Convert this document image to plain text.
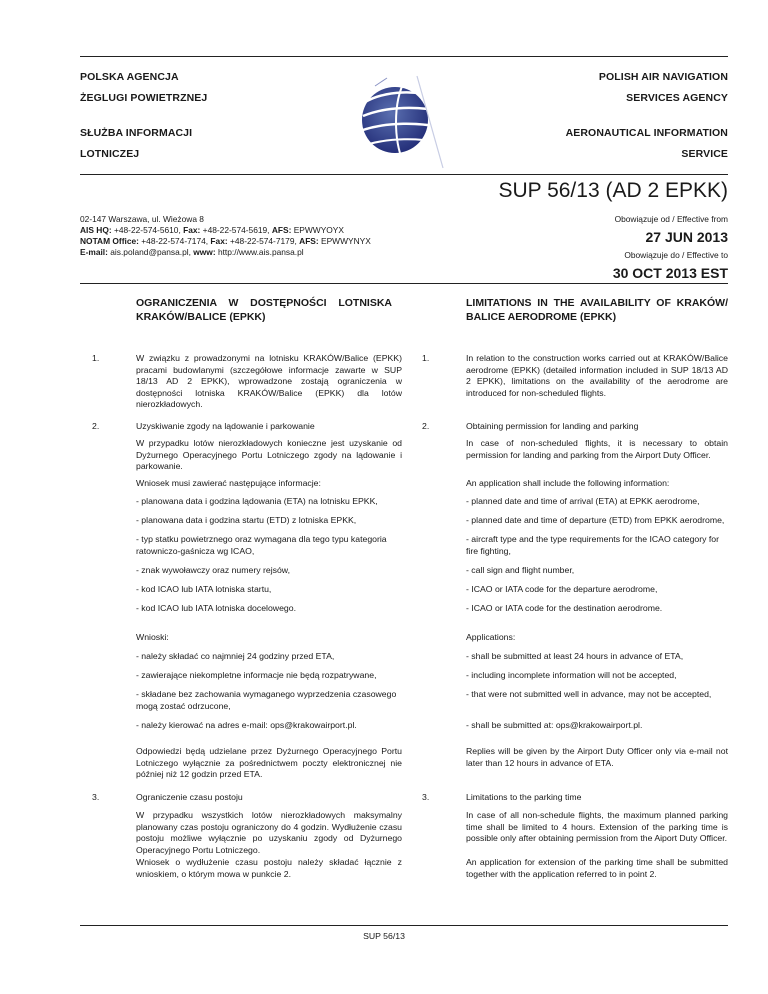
POLSKA AGENCJA
ŻEGLUGI POWIETRZNEJ
SŁUŻBA INFORMACJI
LOTNICZEJ
POLISH AIR NAVIGATION
SERVICES AGENCY
AERONAUTICAL INFORMATION
SERVICE
SUP 56/13 (AD 2 EPKK)
02-147 Warszawa, ul. Wieżowa 8
AIS HQ: +48-22-574-5610, Fax: +48-22-574-5619, AFS: EPWWYOYX
NOTAM Office: +48-22-574-7174, Fax: +48-22-574-7179, AFS: EPWWYNYX
E-mail: ais.poland@pansa.pl, www: http://www.ais.pansa.pl
Obowiązuje od / Effective from
27 JUN 2013
Obowiązuje do / Effective to
30 OCT 2013 EST
OGRANICZENIA W DOSTĘPNOŚCI LOTNISKA KRAKÓW/BALICE (EPKK)
LIMITATIONS IN THE AVAILABILITY OF KRAKÓW/ BALICE AERODROME (EPKK)
1.	W związku z prowadzonymi na lotnisku KRAKÓW/Balice (EPKK) pracami budowlanymi (szczegółowe informacje zawarte w SUP 18/13 AD 2 EPKK), wprowadzone zostają ograniczenia w dostępności lotniska KRAKÓW/Balice (EPKK) dla lotów nierozkładowych.
1.	In relation to the construction works carried out at KRAKÓW/Balice aerodrome (EPKK) (detailed information included in SUP 18/13 AD 2 EPKK), limitations on the availability of the aerodrome are introduced for non-scheduled flights.
2.	Uzyskiwanie zgody na lądowanie i parkowanie	2.	Obtaining permission for landing and parking
W przypadku lotów nierozkładowych konieczne jest uzyskanie od Dyżurnego Operacyjnego Portu Lotniczego zgody na lądowanie i parkowanie.
In case of non-scheduled flights, it is necessary to obtain permission for landing and parking from the Airport Duty Officer.
Wniosek musi zawierać następujące informacje:	An application shall include the following information:
- planowana data i godzina lądowania (ETA) na lotnisku EPKK,	- planned date and time of arrival (ETA) at EPKK aerodrome,
- planowana data i godzina startu (ETD) z lotniska EPKK,	- planned date and time of departure (ETD) from EPKK aerodrome,
- typ statku powietrznego oraz wymagana dla tego typu kategoria ratowniczo-gaśnicza wg ICAO,
- aircraft type and the type requirements for the ICAO category for fire fighting,
- znak wywoławczy oraz numery rejsów,	- call sign and flight number,
- kod ICAO lub IATA lotniska startu,	- ICAO or IATA code for the departure aerodrome,
- kod ICAO lub IATA lotniska docelowego.	- ICAO or IATA code for the destination aerodrome.
Wnioski:	Applications:
- należy składać co najmniej 24 godziny przed ETA,	- shall be submitted at least 24 hours in advance of ETA,
- zawierające niekompletne informacje nie będą rozpatrywane,	- including incomplete information will not be accepted,
- składane bez zachowania wymaganego wyprzedzenia czasowego mogą zostać odrzucone,
- that were not submitted well in advance, may not be accepted,
- należy kierować na adres e-mail: ops@krakowairport.pl.	- shall be submitted at: ops@krakowairport.pl.
Odpowiedzi będą udzielane przez Dyżurnego Operacyjnego Portu Lotniczego wyłącznie za pośrednictwem poczty elektronicznej nie później niż 12 godzin przed ETA.
Replies will be given by the Airport Duty Officer only via e-mail not later than 12 hours in advance of ETA.
3.	Ograniczenie czasu postoju	3.	Limitations to the parking time
W przypadku wszystkich lotów nierozkładowych maksymalny planowany czas postoju ograniczony do 4 godzin. Wydłużenie czasu postoju możliwe wyłącznie po uzyskaniu zgody od Dyżurnego Operacyjnego Portu Lotniczego.
In case of all non-schedule flights, the maximum planned parking time shall be limited to 4 hours. Extension of the parking time is possible only after obtaining permission from the Aiport Duty Officer.
Wniosek o wydłużenie czasu postoju należy składać łącznie z wnioskiem, o którym mowa w punkcie 2.
An application for extension of the parking time shall be submitted together with the application referred to in point 2.
SUP 56/13
